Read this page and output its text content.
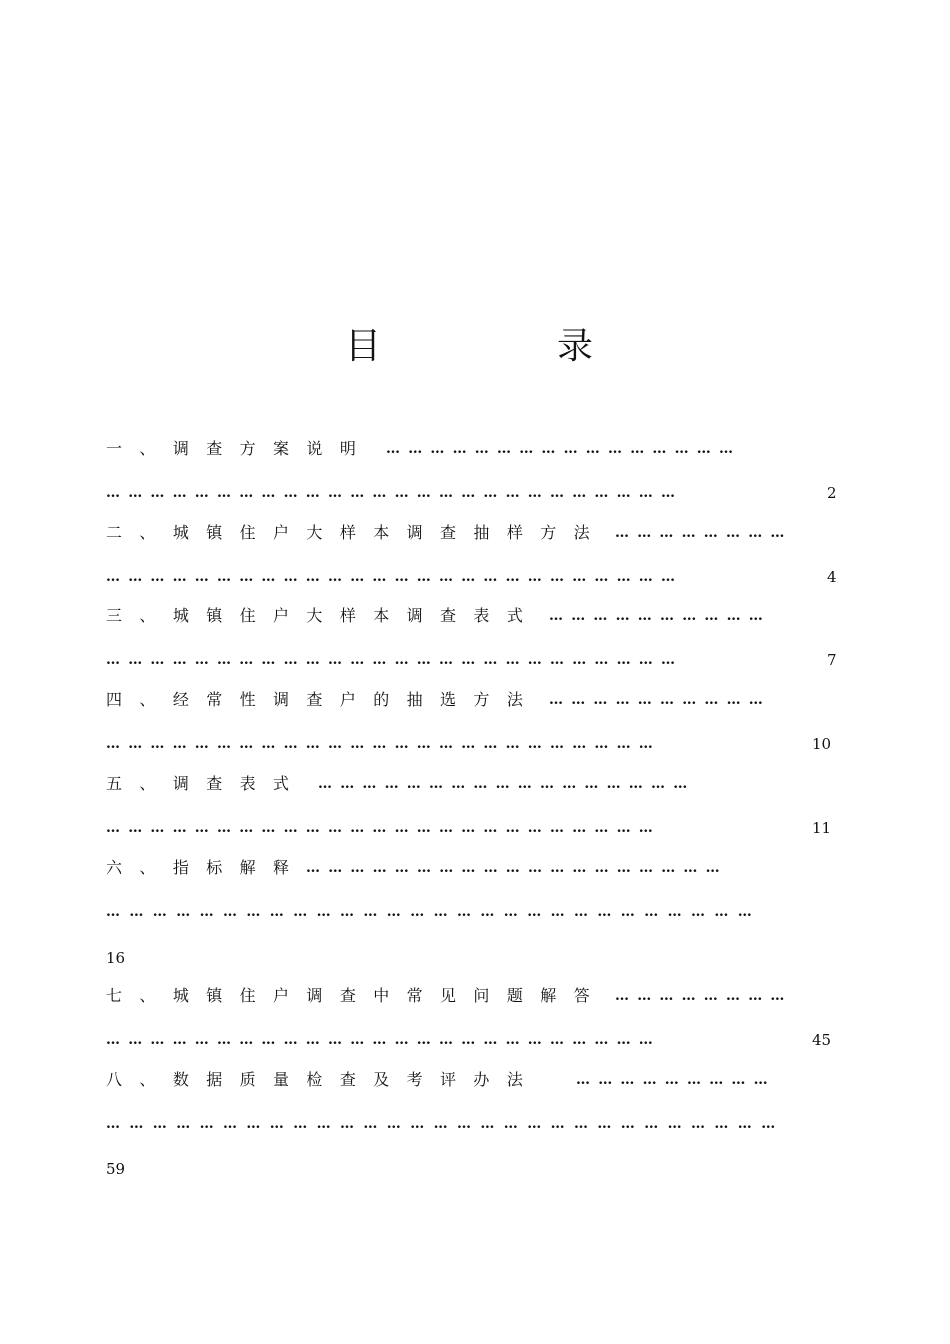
目	录
一、调查方案说明 …………………………………………
……………………………………………………………………	2
二、城镇住户大样本调查抽样方法 ……………………
……………………………………………………………………	4
三、城镇住户大样本调查表式 …………………………
……………………………………………………………………	7
四、经常性调查户的抽选方法 …………………………
…………………………………………………………………	10
五、调查表式 ……………………………………………
…………………………………………………………………	11
六、指标解释 …………………………………………………
…………………………………………………………………………
16
七、城镇住户调查中常见问题解答 ……………………
…………………………………………………………………	45
八、数据质量检查及考评办法	………………………
……………………………………………………………………………
59
